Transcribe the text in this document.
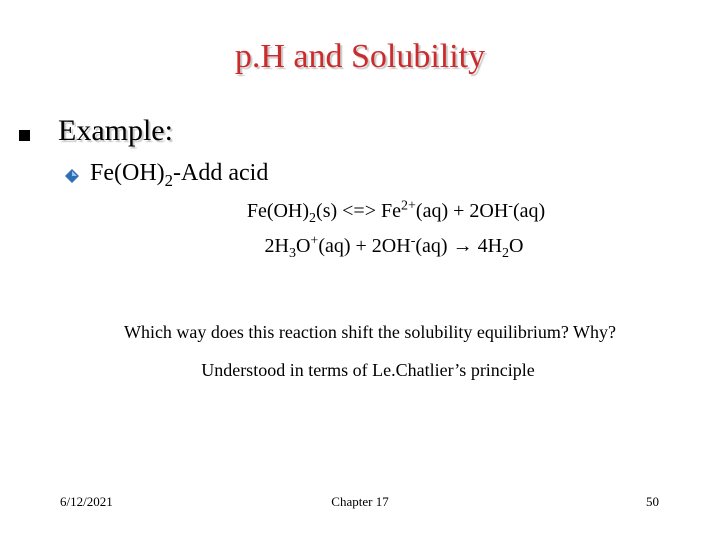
p.H and Solubility
Example:
$Fe(OH)_2$-Add acid
$Fe(OH)_2(s)$ <=> $Fe^{2+}(aq) + 2OH^-(aq)$
$2H_3O^+(aq) + 2OH^-(aq) \to 4H_2O$
Which way does this reaction shift the solubility equilibrium? Why?
Understood in terms of Le.Chatlier’s principle
6/12/2021	Chapter 17	50
